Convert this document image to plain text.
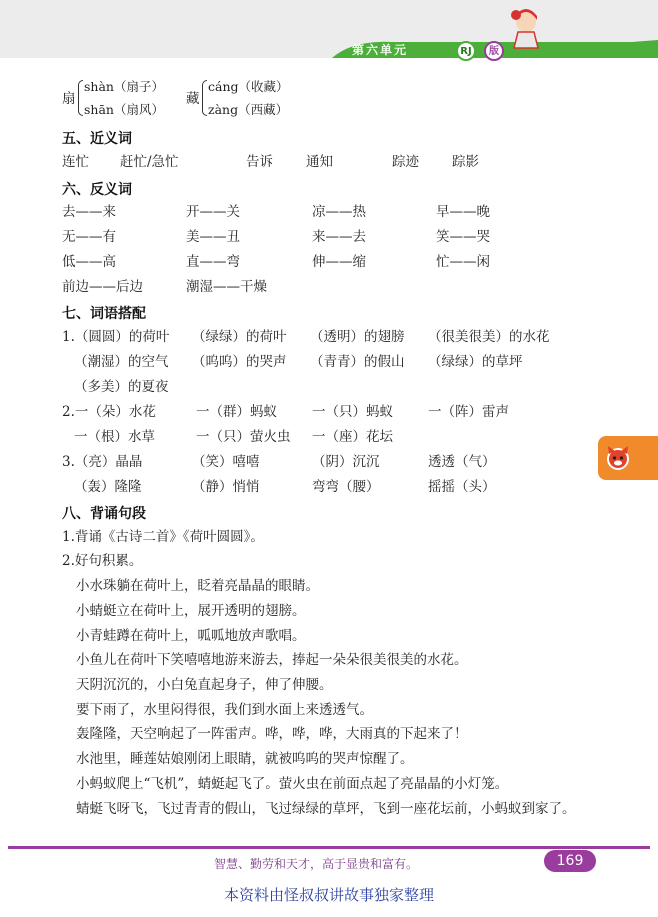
第六单元	RJ	版
扇
shàn（扇子）
shān（扇风）
藏
cáng（收藏）
zàng（西藏）
五、近义词
连忙 赶忙/急忙	告诉 通知	踪迹 踪影
六、反义词
去——来	开——关	凉——热	早——晚
无——有	美——丑	来——去	笑——哭
低——高	直——弯	伸——缩	忙——闲
前边——后边	潮湿——干燥
七、词语搭配
1.（圆圆）的荷叶 （绿绿）的荷叶 （透明）的翅膀 （很美很美）的水花
（潮湿）的空气 （呜呜）的哭声 （青青）的假山 （绿绿）的草坪
（多美）的夏夜
2.一（朵）水花	一（群）蚂蚁	一（只）蚂蚁	一（阵）雷声
一（根）水草	一（只）萤火虫 一（座）花坛
3.（亮）晶晶	（笑）嘻嘻	（阴）沉沉	透透（气）
（轰）隆隆	（静）悄悄	弯弯（腰）	摇摇（头）
八、背诵句段
1.背诵《古诗二首》《荷叶圆圆》。
2.好句积累。
小水珠躺在荷叶上，眨着亮晶晶的眼睛。
小蜻蜓立在荷叶上，展开透明的翅膀。
小青蛙蹲在荷叶上，呱呱地放声歌唱。
小鱼儿在荷叶下笑嘻嘻地游来游去，捧起一朵朵很美很美的水花。
天阴沉沉的，小白兔直起身子，伸了伸腰。
要下雨了，水里闷得很，我们到水面上来透透气。
轰隆隆，天空响起了一阵雷声。哗，哗，哗，大雨真的下起来了！
水池里，睡莲姑娘刚闭上眼睛，就被呜呜的哭声惊醒了。
小蚂蚁爬上“飞机”，蜻蜓起飞了。萤火虫在前面点起了亮晶晶的小灯笼。
蜻蜓飞呀飞，飞过青青的假山，飞过绿绿的草坪，飞到一座花坛前，小蚂蚁到家了。
智慧、勤劳和天才，高于显贵和富有。	169
本资料由怪叔叔讲故事独家整理
